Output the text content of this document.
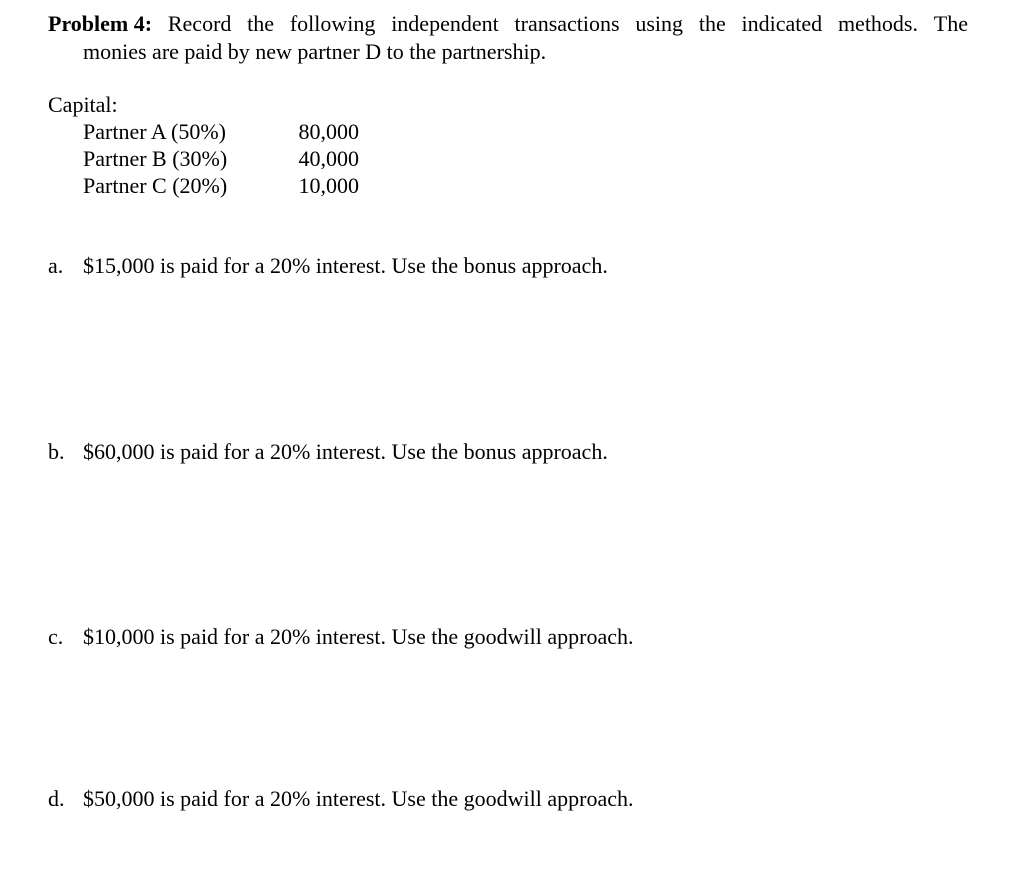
Problem 4: Record the following independent transactions using the indicated methods. The
monies are paid by new partner D to the partnership.
Capital:
Partner A (50%)	80,000
Partner B (30%)	40,000
Partner C (20%)	10,000
a. $15,000 is paid for a 20% interest. Use the bonus approach.
b. $60,000 is paid for a 20% interest. Use the bonus approach.
c. $10,000 is paid for a 20% interest. Use the goodwill approach.
d. $50,000 is paid for a 20% interest. Use the goodwill approach.
